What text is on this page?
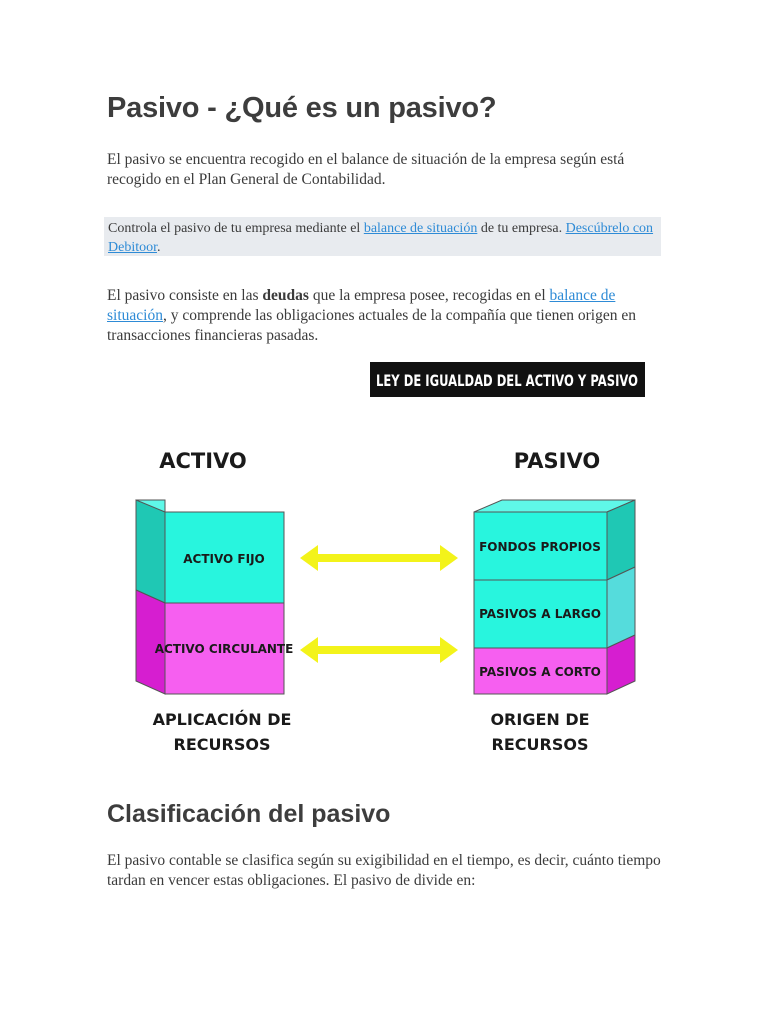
Pasivo - ¿Qué es un pasivo?

El pasivo se encuentra recogido en el balance de situación de la empresa según está recogido en el Plan General de Contabilidad.

Controla el pasivo de tu empresa mediante el balance de situación de tu empresa. Descúbrelo con Debitoor.

El pasivo consiste en las deudas que la empresa posee, recogidas en el balance de situación, y comprende las obligaciones actuales de la compañía que tienen origen en transacciones financieras pasadas.

LEY DE IGUALDAD DEL ACTIVO Y PASIVO
ACTIVO	PASIVO
ACTIVO FIJO
ACTIVO CIRCULANTE
FONDOS PROPIOS
PASIVOS A LARGO
PASIVOS A CORTO
APLICACIÓN DE
RECURSOS
ORIGEN DE
RECURSOS
Clasificación del pasivo

El pasivo contable se clasifica según su exigibilidad en el tiempo, es decir, cuánto tiempo tardan en vencer estas obligaciones. El pasivo de divide en:
